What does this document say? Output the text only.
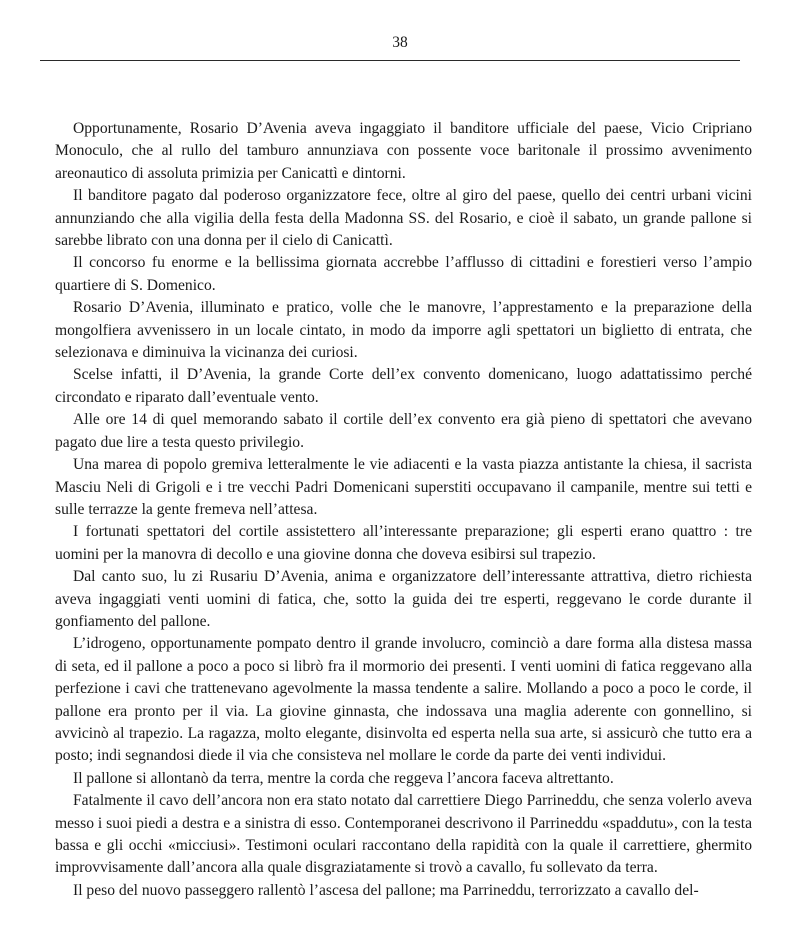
38

Opportunamente, Rosario D’Avenia aveva ingaggiato il banditore ufficiale del paese, Vicio Cripriano Monoculo, che al rullo del tamburo annunziava con possente voce baritonale il prossimo avvenimento areonautico di assoluta primizia per Canicattì e dintorni.

Il banditore pagato dal poderoso organizzatore fece, oltre al giro del paese, quello dei centri urbani vicini annunziando che alla vigilia della festa della Madonna SS. del Rosario, e cioè il sabato, un grande pallone si sarebbe librato con una donna per il cielo di Canicattì.

Il concorso fu enorme e la bellissima giornata accrebbe l’afflusso di cittadini e forestieri verso l’ampio quartiere di S. Domenico.

Rosario D’Avenia, illuminato e pratico, volle che le manovre, l’apprestamento e la preparazione della mongolfiera avvenissero in un locale cintato, in modo da imporre agli spettatori un biglietto di entrata, che selezionava e diminuiva la vicinanza dei curiosi.

Scelse infatti, il D’Avenia, la grande Corte dell’ex convento domenicano, luogo adattatissimo perché circondato e riparato dall’eventuale vento.

Alle ore 14 di quel memorando sabato il cortile dell’ex convento era già pieno di spettatori che avevano pagato due lire a testa questo privilegio.

Una marea di popolo gremiva letteralmente le vie adiacenti e la vasta piazza antistante la chiesa, il sacrista Masciu Neli di Grigoli e i tre vecchi Padri Domenicani superstiti occupavano il campanile, mentre sui tetti e sulle terrazze la gente fremeva nell’attesa.

I fortunati spettatori del cortile assistettero all’interessante preparazione; gli esperti erano quattro : tre uomini per la manovra di decollo e una giovine donna che doveva esibirsi sul trapezio.

Dal canto suo, lu zi Rusariu D’Avenia, anima e organizzatore dell’interessante attrattiva, dietro richiesta aveva ingaggiati venti uomini di fatica, che, sotto la guida dei tre esperti, reggevano le corde durante il gonfiamento del pallone.

L’idrogeno, opportunamente pompato dentro il grande involucro, cominciò a dare forma alla distesa massa di seta, ed il pallone a poco a poco si librò fra il mormorio dei presenti. I venti uomini di fatica reggevano alla perfezione i cavi che trattenevano agevolmente la massa tendente a salire. Mollando a poco a poco le corde, il pallone era pronto per il via. La giovine ginnasta, che indossava una maglia aderente con gonnellino, si avvicinò al trapezio. La ragazza, molto elegante, disinvolta ed esperta nella sua arte, si assicurò che tutto era a posto; indi segnandosi diede il via che consisteva nel mollare le corde da parte dei venti individui.

Il pallone si allontanò da terra, mentre la corda che reggeva l’ancora faceva altrettanto.

Fatalmente il cavo dell’ancora non era stato notato dal carrettiere Diego Parrineddu, che senza volerlo aveva messo i suoi piedi a destra e a sinistra di esso. Contemporanei descrivono il Parrineddu «spaddutu», con la testa bassa e gli occhi «micciusi». Testimoni oculari raccontano della rapidità con la quale il carrettiere, ghermito improvvisamente dall’ancora alla quale disgraziatamente si trovò a cavallo, fu sollevato da terra.

Il peso del nuovo passeggero rallentò l’ascesa del pallone; ma Parrineddu, terrorizzato a cavallo del-
